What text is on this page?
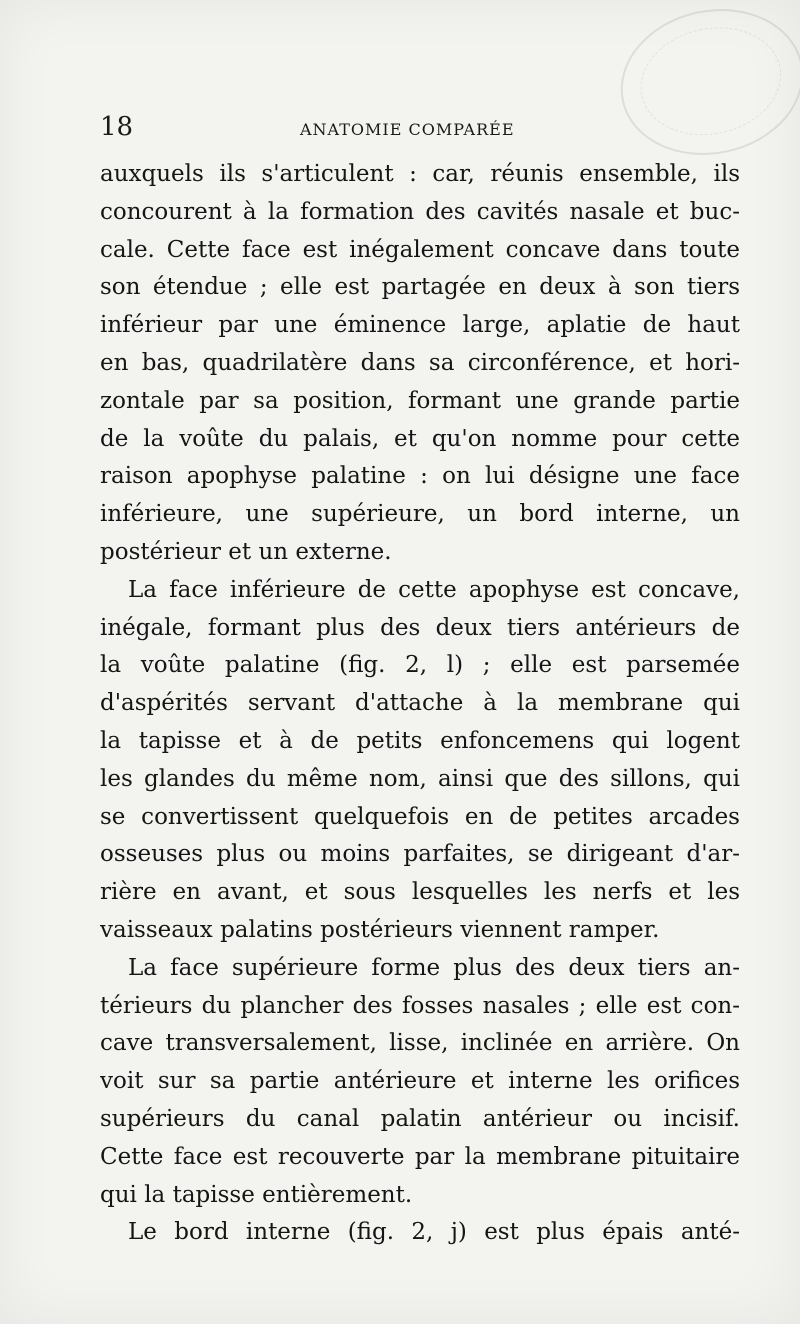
18	ANATOMIE COMPARÉE
auxquels ils s'articulent : car, réunis ensemble, ils
concourent à la formation des cavités nasale et buc-
cale. Cette face est inégalement concave dans toute
son étendue ; elle est partagée en deux à son tiers
inférieur par une éminence large, aplatie de haut
en bas, quadrilatère dans sa circonférence, et hori-
zontale par sa position, formant une grande partie
de la voûte du palais, et qu'on nomme pour cette
raison apophyse palatine : on lui désigne une face
inférieure, une supérieure, un bord interne, un
postérieur et un externe.
La face inférieure de cette apophyse est concave,
inégale, formant plus des deux tiers antérieurs de
la voûte palatine (fig. 2, l) ; elle est parsemée
d'aspérités servant d'attache à la membrane qui
la tapisse et à de petits enfoncemens qui logent
les glandes du même nom, ainsi que des sillons, qui
se convertissent quelquefois en de petites arcades
osseuses plus ou moins parfaites, se dirigeant d'ar-
rière en avant, et sous lesquelles les nerfs et les
vaisseaux palatins postérieurs viennent ramper.
La face supérieure forme plus des deux tiers an-
térieurs du plancher des fosses nasales ; elle est con-
cave transversalement, lisse, inclinée en arrière. On
voit sur sa partie antérieure et interne les orifices
supérieurs du canal palatin antérieur ou incisif.
Cette face est recouverte par la membrane pituitaire
qui la tapisse entièrement.
Le bord interne (fig. 2, j) est plus épais anté-
